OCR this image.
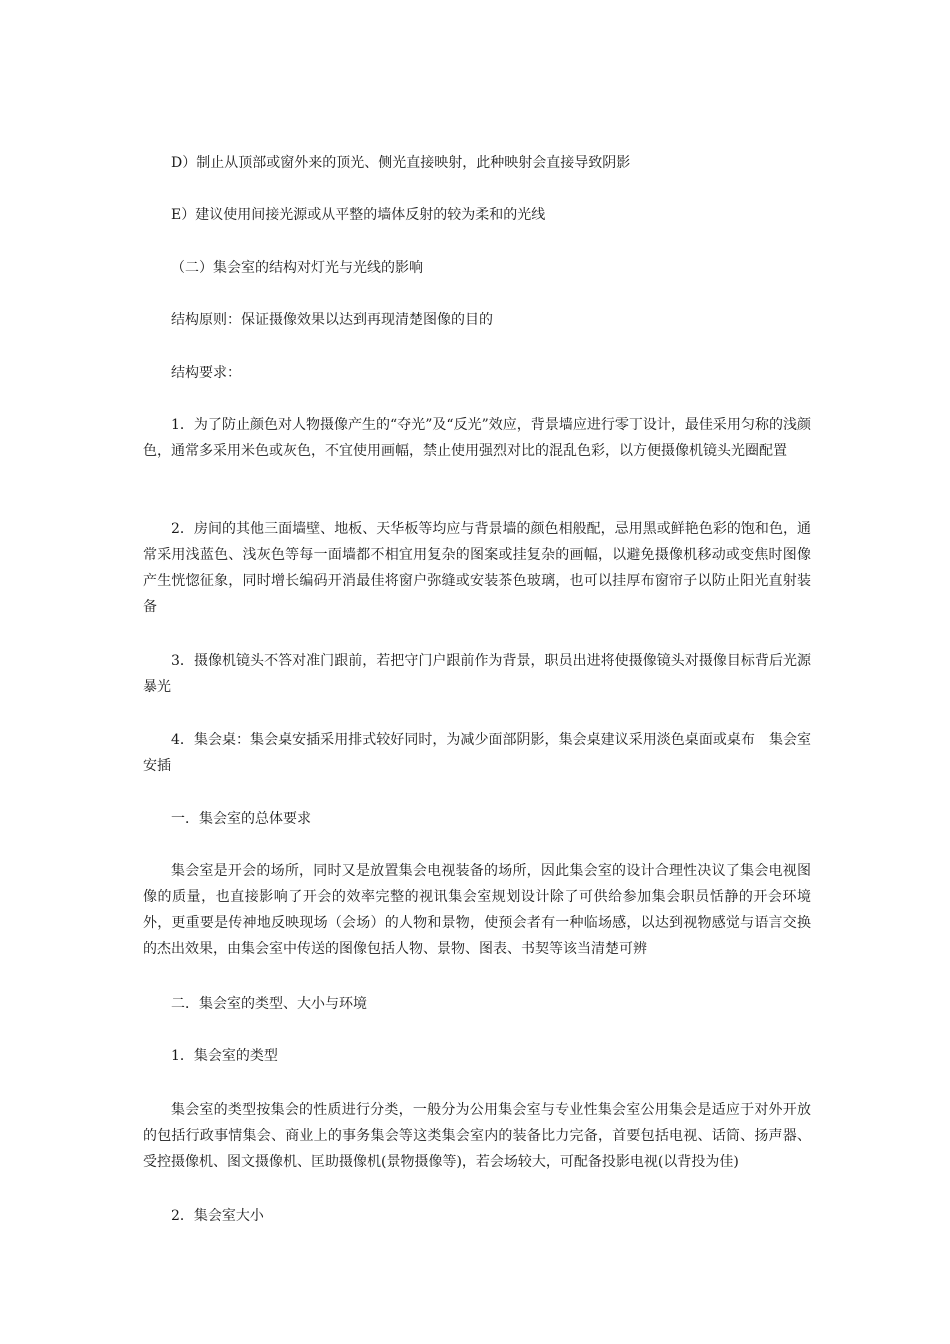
D）制止从顶部或窗外来的顶光、侧光直接映射，此种映射会直接导致阴影

E）建议使用间接光源或从平整的墙体反射的较为柔和的光线

（二）集会室的结构对灯光与光线的影响

结构原则：保证摄像效果以达到再现清楚图像的目的

结构要求：

1．为了防止颜色对人物摄像产生的“夺光”及“反光”效应，背景墙应进行零丁设计，最佳采用匀称的浅颜色，通常多采用米色或灰色，不宜使用画幅，禁止使用强烈对比的混乱色彩，以方便摄像机镜头光圈配置

2．房间的其他三面墙壁、地板、天华板等均应与背景墙的颜色相般配，忌用黑或鲜艳色彩的饱和色，通常采用浅蓝色、浅灰色等每一面墙都不相宜用复杂的图案或挂复杂的画幅，以避免摄像机移动或变焦时图像产生恍惚征象，同时增长编码开消最佳将窗户弥缝或安装茶色玻璃，也可以挂厚布窗帘子以防止阳光直射装备

3．摄像机镜头不答对准门跟前，若把守门户跟前作为背景，职员出进将使摄像镜头对摄像目标背后光源暴光

4．集会桌：集会桌安插采用排式较好同时，为减少面部阴影，集会桌建议采用淡色桌面或桌布　集会室安插

一．集会室的总体要求

集会室是开会的场所，同时又是放置集会电视装备的场所，因此集会室的设计合理性决议了集会电视图像的质量，也直接影响了开会的效率完整的视讯集会室规划设计除了可供给参加集会职员恬静的开会环境外，更重要是传神地反映现场（会场）的人物和景物，使预会者有一种临场感，以达到视物感觉与语言交换的杰出效果，由集会室中传送的图像包括人物、景物、图表、书契等该当清楚可辨

二．集会室的类型、大小与环境

1．集会室的类型

集会室的类型按集会的性质进行分类，一般分为公用集会室与专业性集会室公用集会是适应于对外开放的包括行政事情集会、商业上的事务集会等这类集会室内的装备比力完备，首要包括电视、话筒、扬声器、受控摄像机、图文摄像机、匡助摄像机(景物摄像等)，若会场较大，可配备投影电视(以背投为佳)

2．集会室大小
